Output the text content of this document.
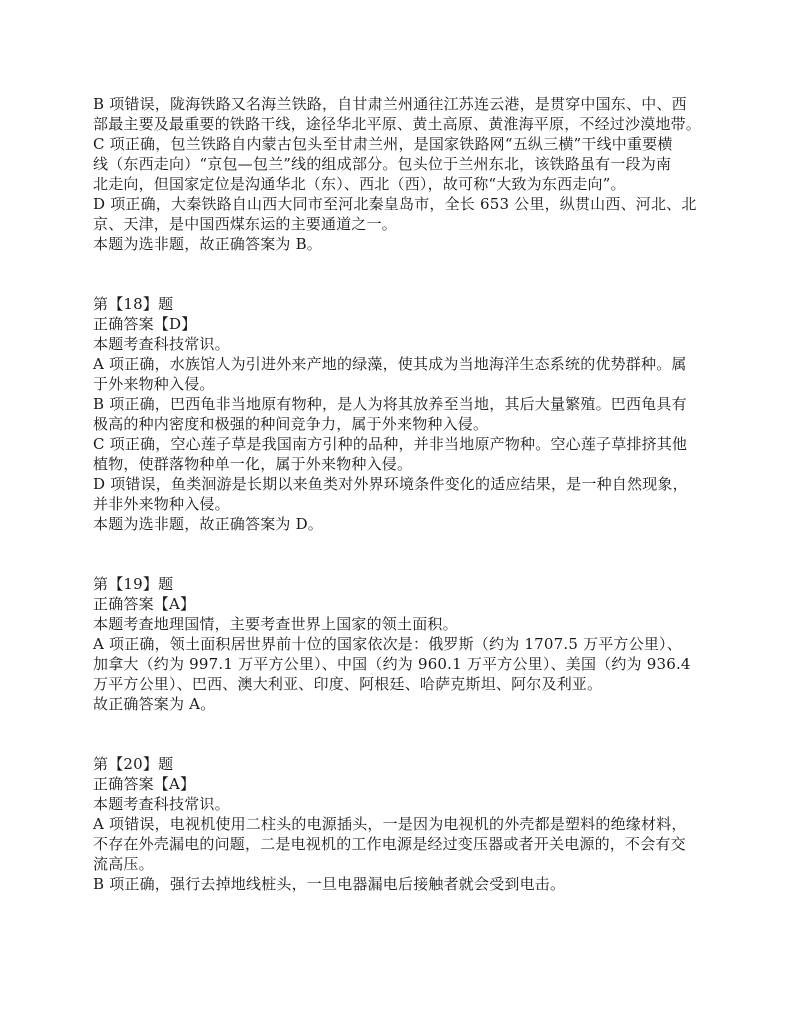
B 项错误，陇海铁路又名海兰铁路，自甘肃兰州通往江苏连云港，是贯穿中国东、中、西
部最主要及最重要的铁路干线，途径华北平原、黄土高原、黄淮海平原，不经过沙漠地带。
C 项正确，包兰铁路自内蒙古包头至甘肃兰州，是国家铁路网“五纵三横”干线中重要横
线（东西走向）“京包—包兰”线的组成部分。包头位于兰州东北，该铁路虽有一段为南
北走向，但国家定位是沟通华北（东）、西北（西），故可称“大致为东西走向”。
D 项正确，大秦铁路自山西大同市至河北秦皇岛市，全长 653 公里，纵贯山西、河北、北
京、天津，是中国西煤东运的主要通道之一。
本题为选非题，故正确答案为 B。
第【18】题
正确答案【D】
本题考查科技常识。
A 项正确，水族馆人为引进外来产地的绿藻，使其成为当地海洋生态系统的优势群种。属
于外来物种入侵。
B 项正确，巴西龟非当地原有物种，是人为将其放养至当地，其后大量繁殖。巴西龟具有
极高的种内密度和极强的种间竞争力，属于外来物种入侵。
C 项正确，空心莲子草是我国南方引种的品种，并非当地原产物种。空心莲子草排挤其他
植物，使群落物种单一化，属于外来物种入侵。
D 项错误，鱼类洄游是长期以来鱼类对外界环境条件变化的适应结果，是一种自然现象，
并非外来物种入侵。
本题为选非题，故正确答案为 D。
第【19】题
正确答案【A】
本题考查地理国情，主要考查世界上国家的领土面积。
A 项正确，领土面积居世界前十位的国家依次是：俄罗斯（约为 1707.5 万平方公里）、
加拿大（约为 997.1 万平方公里）、中国（约为 960.1 万平方公里）、美国（约为 936.4
万平方公里）、巴西、澳大利亚、印度、阿根廷、哈萨克斯坦、阿尔及利亚。
故正确答案为 A。
第【20】题
正确答案【A】
本题考查科技常识。
A 项错误，电视机使用二柱头的电源插头，一是因为电视机的外壳都是塑料的绝缘材料，
不存在外壳漏电的问题，二是电视机的工作电源是经过变压器或者开关电源的，不会有交
流高压。
B 项正确，强行去掉地线桩头，一旦电器漏电后接触者就会受到电击。
